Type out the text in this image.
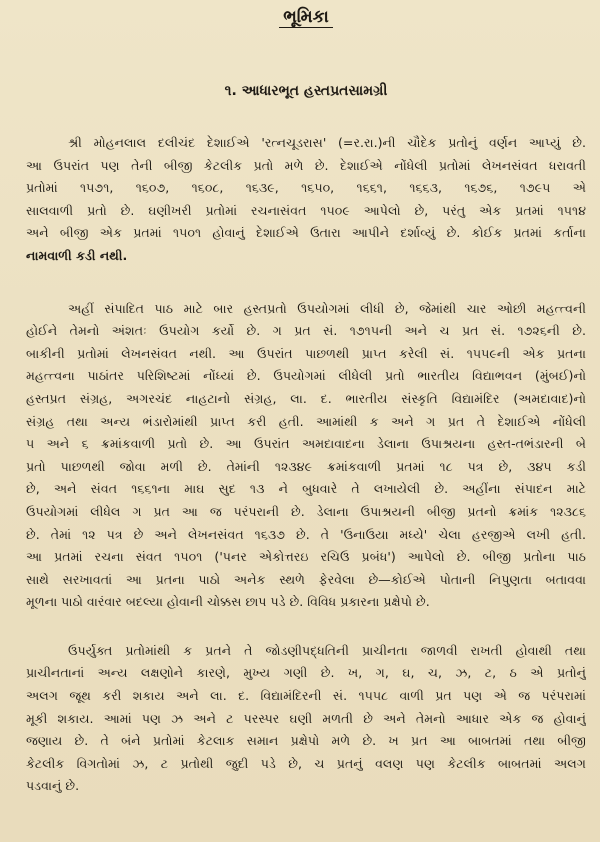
ભૂમિકા
૧. આધારભૂત હસ્તપ્રતસામગ્રી
શ્રી મોહનલાલ દલીચંદ દેશાઈએ 'રત્નચૂડરાસ' (=ર.રા.)ની ચૌદેક પ્રતોનું વર્ણન આપ્યું છે.
આ ઉપરાંત પણ તેની બીજી કેટલીક પ્રતો મળે છે. દેશાઈએ નોંધેલી પ્રતોમાં લેખનસંવત ધરાવતી
પ્રતોમાં ૧૫૭૧, ૧૬૦૭, ૧૬૦૮, ૧૬૩૯, ૧૬૫૦, ૧૬૬૧, ૧૬૬૩, ૧૬૭૬, ૧૭૯૫ એ
સાલવાળી પ્રતો છે. ઘણીખરી પ્રતોમાં રચનાસંવત ૧૫૦૯ આપેલો છે, પરંતુ એક પ્રતમાં ૧૫૧૪
અને બીજી એક પ્રતમાં ૧૫૦૧ હોવાનું દેશાઈએ ઉતારા આપીને દર્શાવ્યું છે. કોઈક પ્રતમાં કર્તાના
નામવાળી કડી નથી.
અહીં સંપાદિત પાઠ માટે બાર હસ્તપ્રતો ઉપયોગમાં લીધી છે, જેમાંથી ચાર ઓછી મહત્ત્વની
હોઈને તેમનો અંશતઃ ઉપયોગ કર્યો છે. ગ પ્રત સં. ૧૭૧૫ની અને ચ પ્રત સં. ૧૭૨૬ની છે.
બાકીની પ્રતોમાં લેખનસંવત નથી. આ ઉપરાંત પાછળથી પ્રાપ્ત કરેલી સં. ૧૫૫૯ની એક પ્રતના
મહત્ત્વના પાઠાંતર પરિશિષ્ટમાં નોંધ્યાં છે. ઉપયોગમાં લીધેલી પ્રતો ભારતીય વિદ્યાભવન (મુંબઈ)નો
હસ્તપ્રત સંગ્રહ, અગરચંદ નાહટાનો સંગ્રહ, લા. દ. ભારતીય સંસ્કૃતિ વિદ્યામંદિર (અમદાવાદ)નો
સંગ્રહ તથા અન્ય ભંડારોમાંથી પ્રાપ્ત કરી હતી. આમાંથી ક અને ગ પ્રત તે દેશાઈએ નોંધેલી
૫ અને ૬ ક્રમાંકવાળી પ્રતો છે. આ ઉપરાંત અમદાવાદના ડેલાના ઉપાશ્રયના હસ્ત-તભંડારની બે
પ્રતો પાછળથી જોવા મળી છે. તેમાંની ૧૨૩૪૯ ક્રમાંકવાળી પ્રતમાં ૧૮ પત્ર છે, ૩૪૫ કડી
છે, અને સંવત ૧૬૬૧ના માઘ સુદ ૧૩ ને બુધવારે તે લખાયેલી છે. અહીંના સંપાદન માટે
ઉપયોગમાં લીધેલ ગ પ્રત આ જ પરંપરાની છે. ડેલાના ઉપાશ્રયની બીજી પ્રતનો ક્રમાંક ૧૨૩૮૬
છે. તેમાં ૧૨ પત્ર છે અને લેખનસંવત ૧૬૩૭ છે. તે 'ઉનાઉયા મધ્યે' ચેલા હરજીએ લખી હતી.
આ પ્રતમાં રચના સંવત ૧૫૦૧ ('પનર એકોત્તરઇ રચિઉ પ્રબંધ') આપેલો છે. બીજી પ્રતોના પાઠ
સાથે સરખાવતાં આ પ્રતના પાઠો અનેક સ્થળે ફેરવેલા છે—કોઈએ પોતાની નિપુણતા બતાવવા
મૂળના પાઠો વારંવાર બદલ્યા હોવાની ચોક્કસ છાપ પડે છે. વિવિધ પ્રકારના પ્રક્ષેપો છે.
ઉપર્યુક્ત પ્રતોમાંથી ક પ્રતને તે જોડણીપદ્ધતિની પ્રાચીનતા જાળવી રાખતી હોવાથી તથા
પ્રાચીનતાનાં અન્ય લક્ષણોને કારણે, મુખ્ય ગણી છે. ખ, ગ, ઘ, ચ, ઝ, ટ, ઠ એ પ્રતોનું
અલગ જૂથ કરી શકાય અને લા. દ. વિદ્યામંદિરની સં. ૧૫૫૮ વાળી પ્રત પણ એ જ પરંપરામાં
મૂકી શકાય. આમાં પણ ઝ અને ટ પરસ્પર ઘણી મળતી છે અને તેમનો આધાર એક જ હોવાનું
જણાય છે. તે બંને પ્રતોમાં કેટલાક સમાન પ્રક્ષેપો મળે છે. ખ પ્રત આ બાબતમાં તથા બીજી
કેટલીક વિગતોમાં ઝ, ટ પ્રતોથી જુદી પડે છે, ચ પ્રતનું વલણ પણ કેટલીક બાબતમાં અલગ
પડવાનું છે.
